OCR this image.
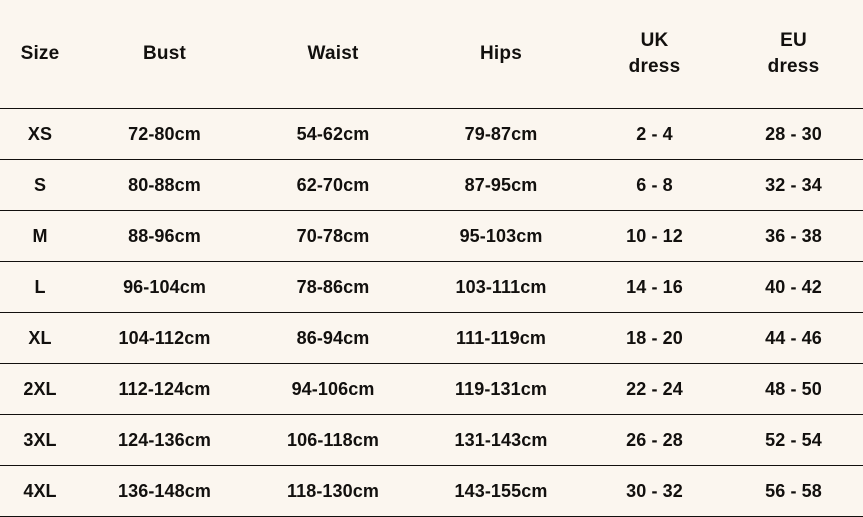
Size	Bust	Waist	Hips	UK
dress	EU
dress

XS	72-80cm	54-62cm	79-87cm	2 - 4	28 - 30
S	80-88cm	62-70cm	87-95cm	6 - 8	32 - 34
M	88-96cm	70-78cm	95-103cm	10 - 12	36 - 38
L	96-104cm	78-86cm	103-111cm	14 - 16	40 - 42
XL	104-112cm	86-94cm	111-119cm	18 - 20	44 - 46
2XL	112-124cm	94-106cm	119-131cm	22 - 24	48 - 50
3XL	124-136cm	106-118cm	131-143cm	26 - 28	52 - 54
4XL	136-148cm	118-130cm	143-155cm	30 - 32	56 - 58
